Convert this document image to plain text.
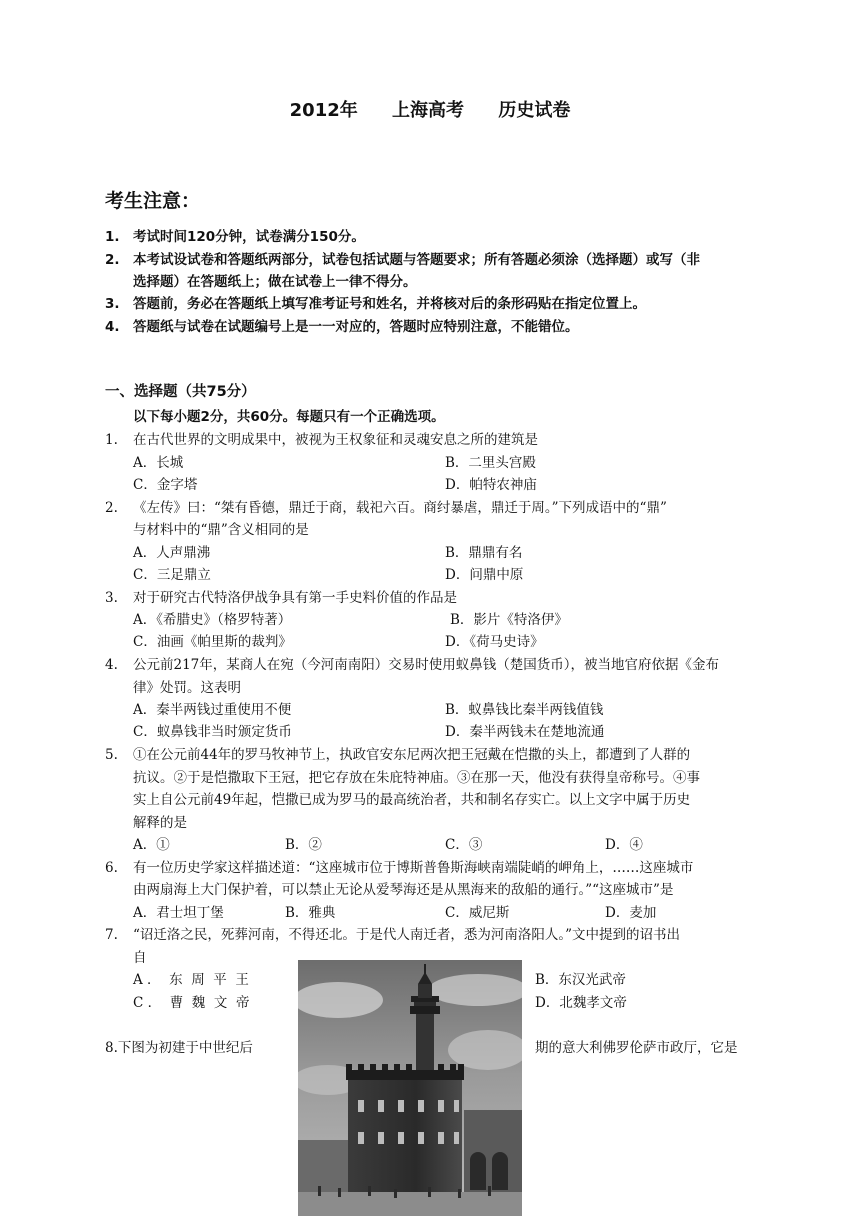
2012年 上海高考 历史试卷
考生注意：
1. 考试时间120分钟，试卷满分150分。
2. 本考试设试卷和答题纸两部分，试卷包括试题与答题要求；所有答题必须涂（选择题）或写（非
选择题）在答题纸上；做在试卷上一律不得分。
3. 答题前，务必在答题纸上填写准考证号和姓名，并将核对后的条形码贴在指定位置上。
4. 答题纸与试卷在试题编号上是一一对应的，答题时应特别注意，不能错位。
一、选择题（共75分）
以下每小题2分，共60分。每题只有一个正确选项。
1. 在古代世界的文明成果中，被视为王权象征和灵魂安息之所的建筑是
A．长城	B．二里头宫殿
C．金字塔	D．帕特农神庙
2. 《左传》曰：“桀有昏德，鼎迁于商，载祀六百。商纣暴虐，鼎迁于周。”下列成语中的“鼎”
与材料中的“鼎”含义相同的是
A．人声鼎沸	B．鼎鼎有名
C．三足鼎立	D．问鼎中原
3. 对于研究古代特洛伊战争具有第一手史料价值的作品是
A．《希腊史》（格罗特著）	B．影片《特洛伊》
C．油画《帕里斯的裁判》	D．《荷马史诗》
4. 公元前217年，某商人在宛（今河南南阳）交易时使用蚁鼻钱（楚国货币），被当地官府依据《金布
律》处罚。这表明
A．秦半两钱过重使用不便	B．蚁鼻钱比秦半两钱值钱
C．蚁鼻钱非当时颁定货币	D．秦半两钱未在楚地流通
5. ①在公元前44年的罗马牧神节上，执政官安东尼两次把王冠戴在恺撒的头上，都遭到了人群的
抗议。②于是恺撒取下王冠，把它存放在朱庇特神庙。③在那一天，他没有获得皇帝称号。④事
实上自公元前49年起，恺撒已成为罗马的最高统治者，共和制名存实亡。以上文字中属于历史
解释的是
A．①	B．②	C．③	D．④
6. 有一位历史学家这样描述道：“这座城市位于博斯普鲁斯海峡南端陡峭的岬角上，……这座城市
由两扇海上大门保护着，可以禁止无论从爱琴海还是从黑海来的敌船的通行。”“这座城市”是
A．君士坦丁堡	B．雅典	C．威尼斯	D．麦加
7. “诏迁洛之民，死葬河南，不得还北。于是代人南迁者，悉为河南洛阳人。”文中提到的诏书出
自
A ．  东  周  平  王	B．东汉光武帝
C ．  曹  魏  文  帝	D．北魏孝文帝
8.下图为初建于中世纪后	期的意大利佛罗伦萨市政厅，它是
